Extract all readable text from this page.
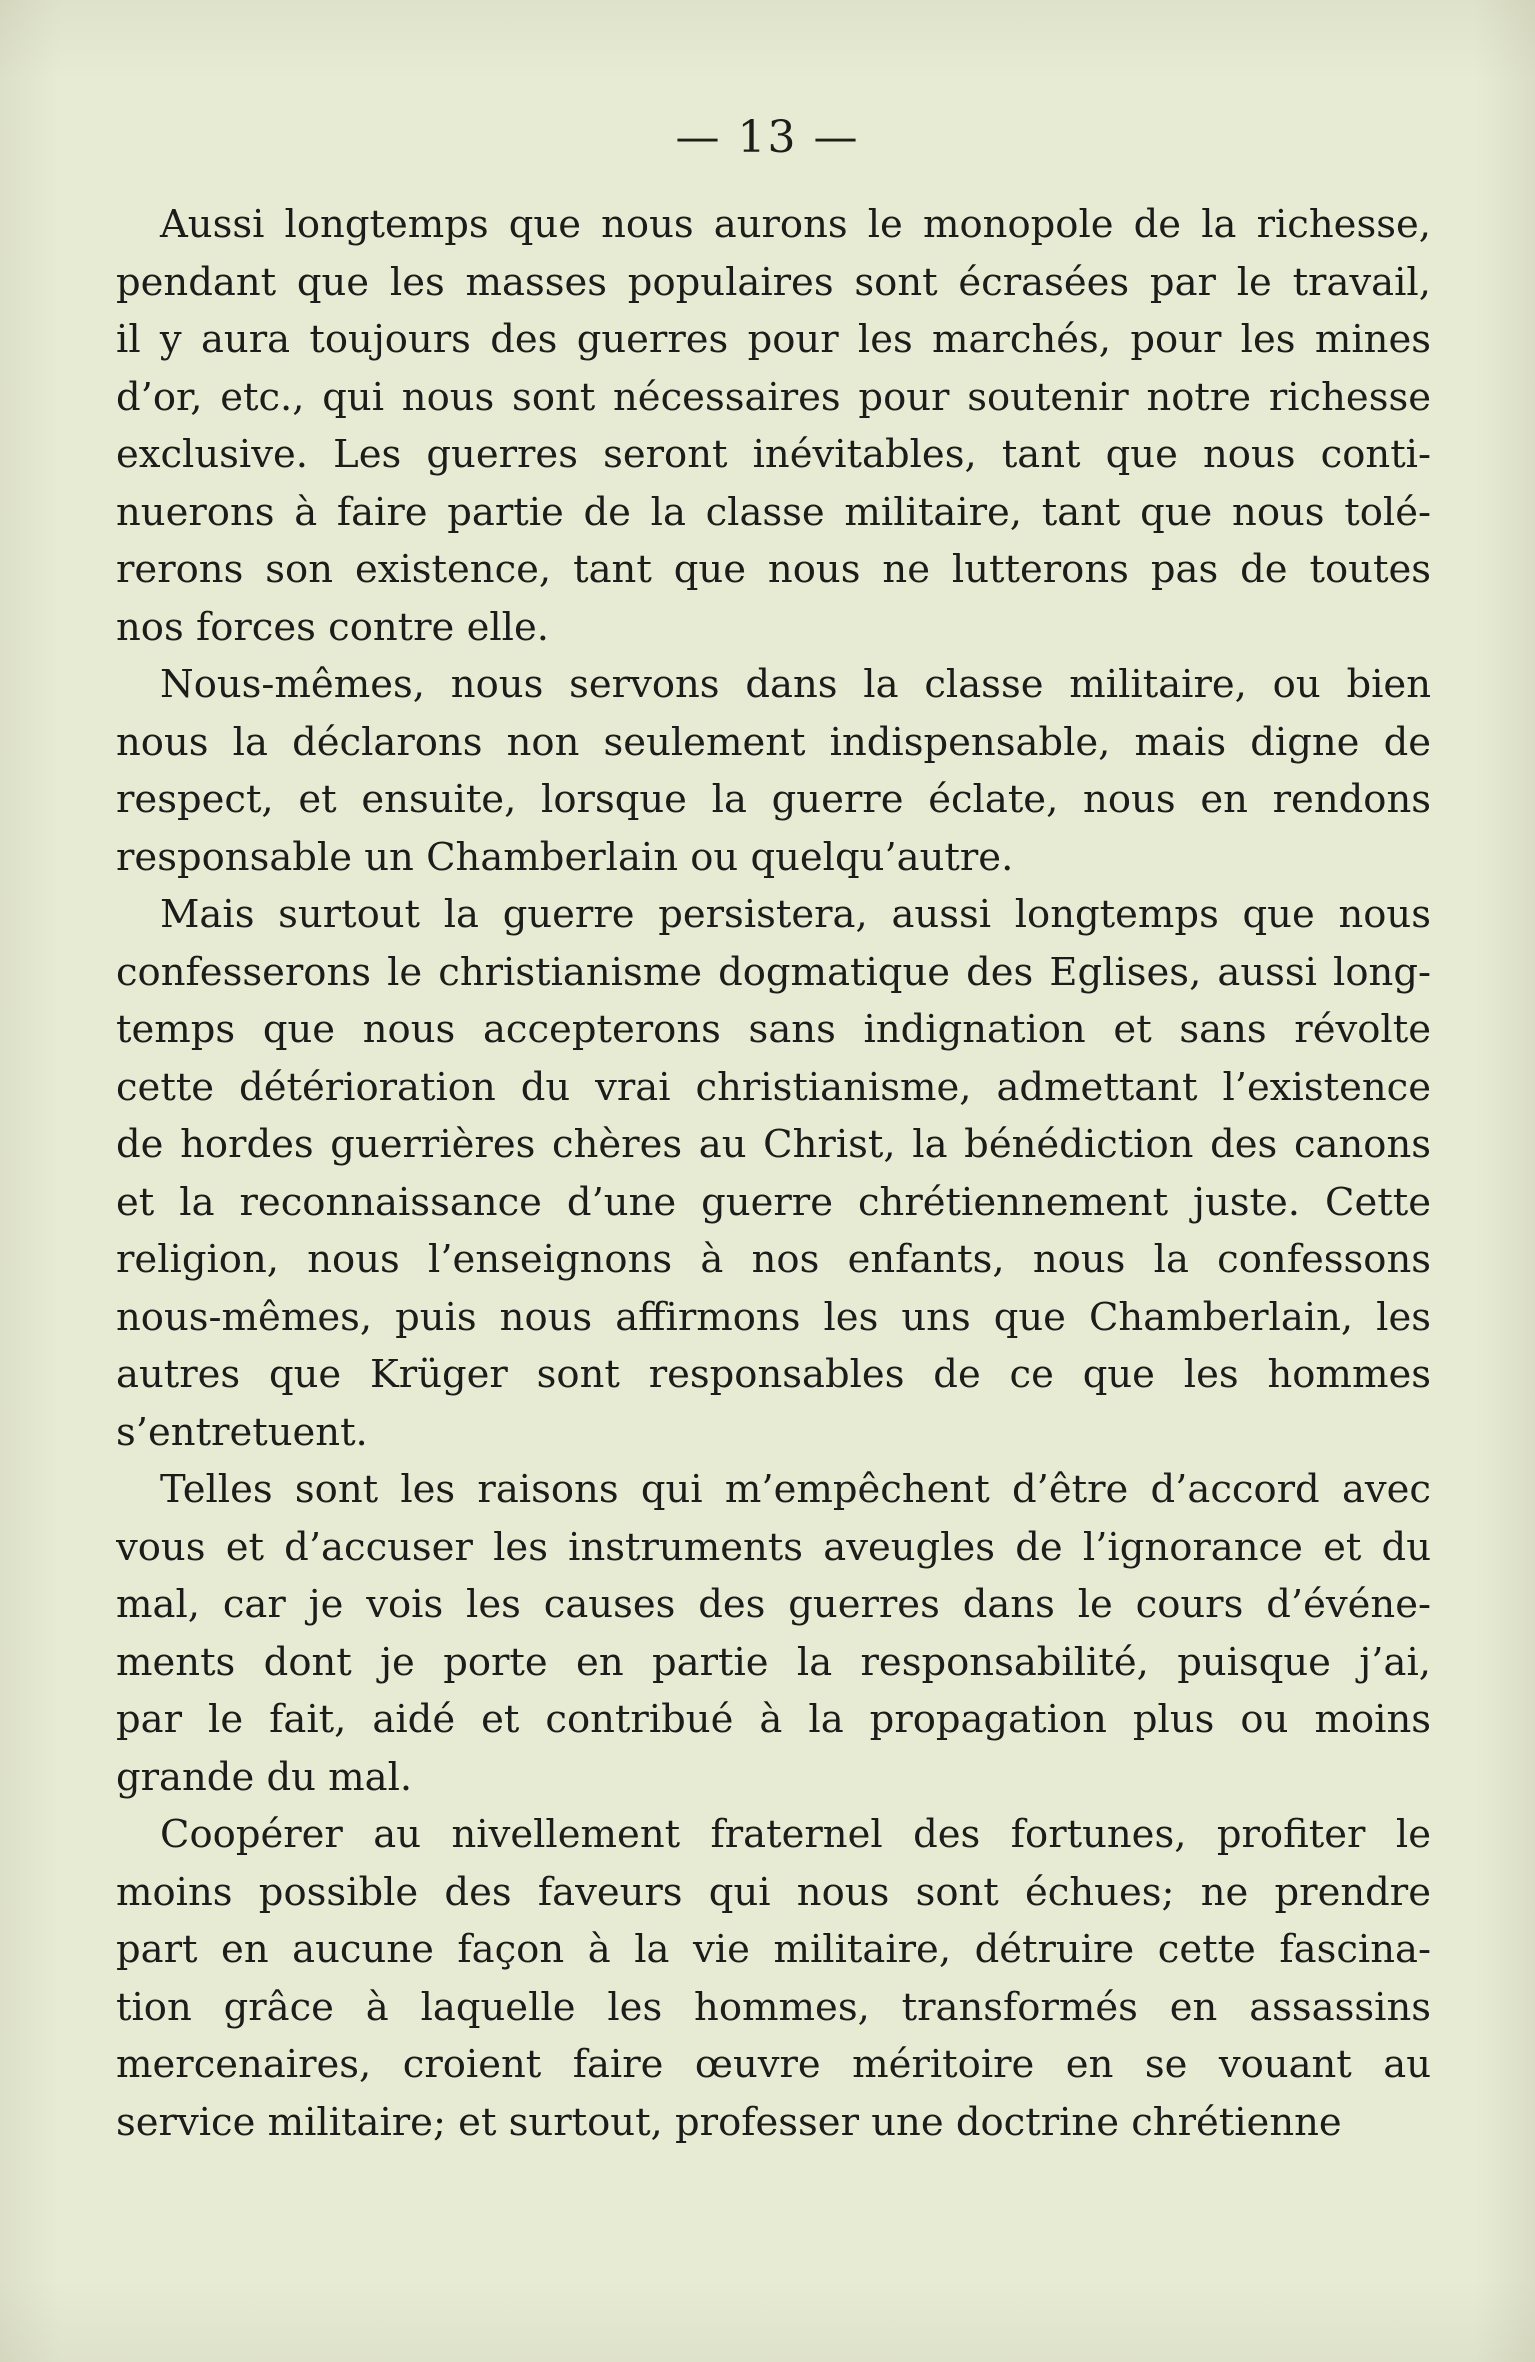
— 13 —
Aussi longtemps que nous aurons le monopole de la richesse,
pendant que les masses populaires sont écrasées par le travail,
il y aura toujours des guerres pour les marchés, pour les mines
d’or, etc., qui nous sont nécessaires pour soutenir notre richesse
exclusive. Les guerres seront inévitables, tant que nous conti-
nuerons à faire partie de la classe militaire, tant que nous tolé-
rerons son existence, tant que nous ne lutterons pas de toutes
nos forces contre elle.
Nous-mêmes, nous servons dans la classe militaire, ou bien
nous la déclarons non seulement indispensable, mais digne de
respect, et ensuite, lorsque la guerre éclate, nous en rendons
responsable un Chamberlain ou quelqu’autre.
Mais surtout la guerre persistera, aussi longtemps que nous
confesserons le christianisme dogmatique des Eglises, aussi long-
temps que nous accepterons sans indignation et sans révolte
cette détérioration du vrai christianisme, admettant l’existence
de hordes guerrières chères au Christ, la bénédiction des canons
et la reconnaissance d’une guerre chrétiennement juste. Cette
religion, nous l’enseignons à nos enfants, nous la confessons
nous-mêmes, puis nous affirmons les uns que Chamberlain, les
autres que Krüger sont responsables de ce que les hommes
s’entretuent.
Telles sont les raisons qui m’empêchent d’être d’accord avec
vous et d’accuser les instruments aveugles de l’ignorance et du
mal, car je vois les causes des guerres dans le cours d’événe-
ments dont je porte en partie la responsabilité, puisque j’ai,
par le fait, aidé et contribué à la propagation plus ou moins
grande du mal.
Coopérer au nivellement fraternel des fortunes, profiter le
moins possible des faveurs qui nous sont échues; ne prendre
part en aucune façon à la vie militaire, détruire cette fascina-
tion grâce à laquelle les hommes, transformés en assassins
mercenaires, croient faire œuvre méritoire en se vouant au
service militaire; et surtout, professer une doctrine chrétienne
